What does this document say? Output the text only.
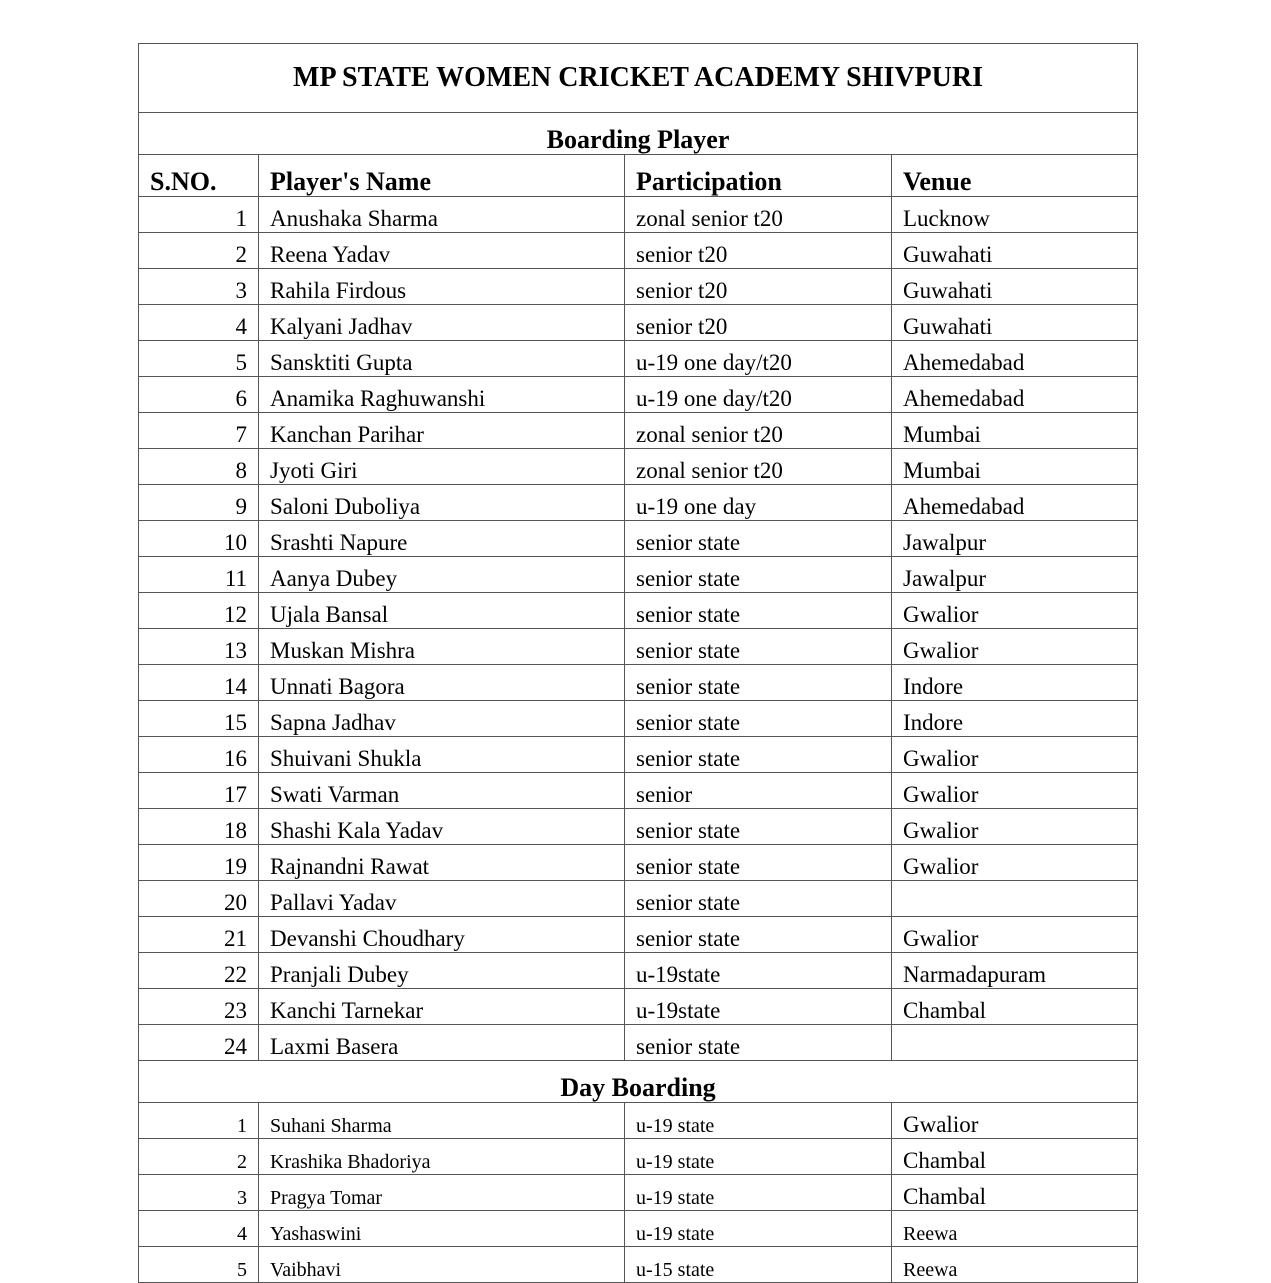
MP STATE WOMEN CRICKET ACADEMY SHIVPURI			
Boarding Player			
S.NO.	Player's Name	Participation	Venue
1	Anushaka Sharma	zonal senior t20	Lucknow
2	Reena Yadav	senior t20	Guwahati
3	Rahila Firdous	senior t20	Guwahati
4	Kalyani Jadhav	senior t20	Guwahati
5	Sansktiti Gupta	u-19 one day/t20	Ahemedabad
6	Anamika Raghuwanshi	u-19 one day/t20	Ahemedabad
7	Kanchan Parihar	zonal senior t20	Mumbai
8	Jyoti Giri	zonal senior t20	Mumbai
9	Saloni Duboliya	u-19 one day	Ahemedabad
10	Srashti Napure	senior state	Jawalpur
11	Aanya Dubey	senior state	Jawalpur
12	Ujala Bansal	senior state	Gwalior
13	Muskan Mishra	senior state	Gwalior
14	Unnati Bagora	senior state	Indore
15	Sapna Jadhav	senior state	Indore
16	Shuivani Shukla	senior state	Gwalior
17	Swati Varman	senior	Gwalior
18	Shashi Kala Yadav	senior state	Gwalior
19	Rajnandni Rawat	senior state	Gwalior
20	Pallavi Yadav	senior state	
21	Devanshi Choudhary	senior state	Gwalior
22	Pranjali Dubey	u-19state	Narmadapuram
23	Kanchi Tarnekar	u-19state	Chambal
24	Laxmi Basera	senior state	
Day Boarding			
1	Suhani Sharma	u-19 state	Gwalior
2	Krashika Bhadoriya	u-19 state	Chambal
3	Pragya Tomar	u-19 state	Chambal
4	Yashaswini	u-19 state	Reewa
5	Vaibhavi	u-15 state	Reewa
